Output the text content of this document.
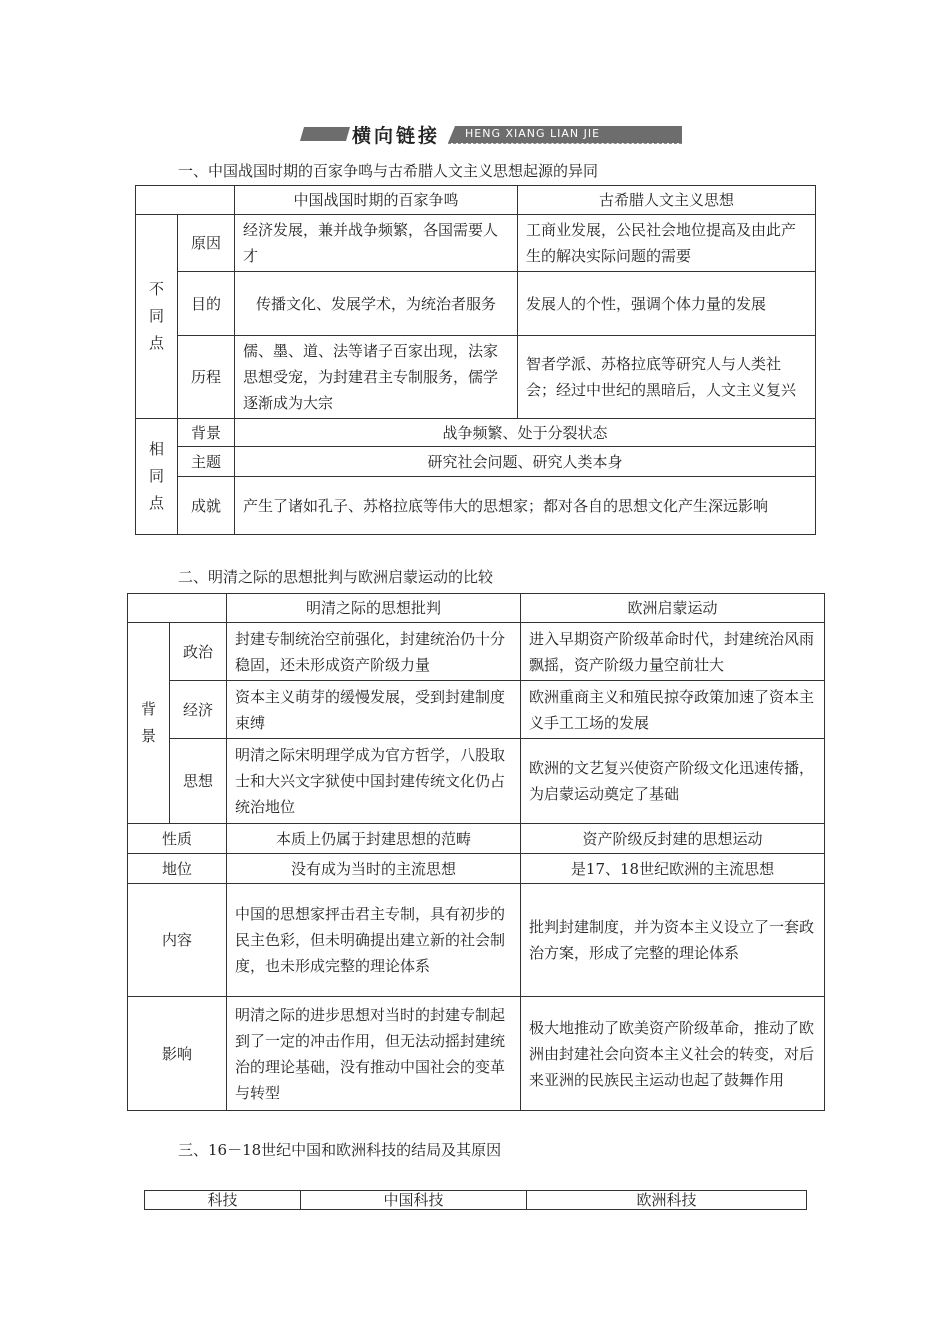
横向链接 HENG XIANG LIAN JIE
一、中国战国时期的百家争鸣与古希腊人文主义思想起源的异同
		中国战国时期的百家争鸣	古希腊人文主义思想

不同点	原因	经济发展，兼并战争频繁，各国需要人才	工商业发展，公民社会地位提高及由此产生的解决实际问题的需要
	目的	传播文化、发展学术，为统治者服务	发展人的个性，强调个体力量的发展
	历程	儒、墨、道、法等诸子百家出现，法家思想受宠，为封建君主专制服务，儒学逐渐成为大宗	智者学派、苏格拉底等研究人与人类社会；经过中世纪的黑暗后，人文主义复兴

相同点	背景	战争频繁、处于分裂状态	
	主题	研究社会问题、研究人类本身	
	成就	产生了诸如孔子、苏格拉底等伟大的思想家；都对各自的思想文化产生深远影响	
二、明清之际的思想批判与欧洲启蒙运动的比较
		明清之际的思想批判	欧洲启蒙运动

背景	政治	封建专制统治空前强化，封建统治仍十分稳固，还未形成资产阶级力量	进入早期资产阶级革命时代，封建统治风雨飘摇，资产阶级力量空前壮大
	经济	资本主义萌芽的缓慢发展，受到封建制度束缚	欧洲重商主义和殖民掠夺政策加速了资本主义手工工场的发展
	思想	明清之际宋明理学成为官方哲学，八股取士和大兴文字狱使中国封建传统文化仍占统治地位	欧洲的文艺复兴使资产阶级文化迅速传播，为启蒙运动奠定了基础
性质		本质上仍属于封建思想的范畴	资产阶级反封建的思想运动
地位		没有成为当时的主流思想	是17、18世纪欧洲的主流思想
内容		中国的思想家抨击君主专制，具有初步的民主色彩，但未明确提出建立新的社会制度，也未形成完整的理论体系	批判封建制度，并为资本主义设立了一套政治方案，形成了完整的理论体系
影响		明清之际的进步思想对当时的封建专制起到了一定的冲击作用，但无法动摇封建统治的理论基础，没有推动中国社会的变革与转型	极大地推动了欧美资产阶级革命，推动了欧洲由封建社会向资本主义社会的转变，对后来亚洲的民族民主运动也起了鼓舞作用
三、16－18世纪中国和欧洲科技的结局及其原因
科技	中国科技	欧洲科技
